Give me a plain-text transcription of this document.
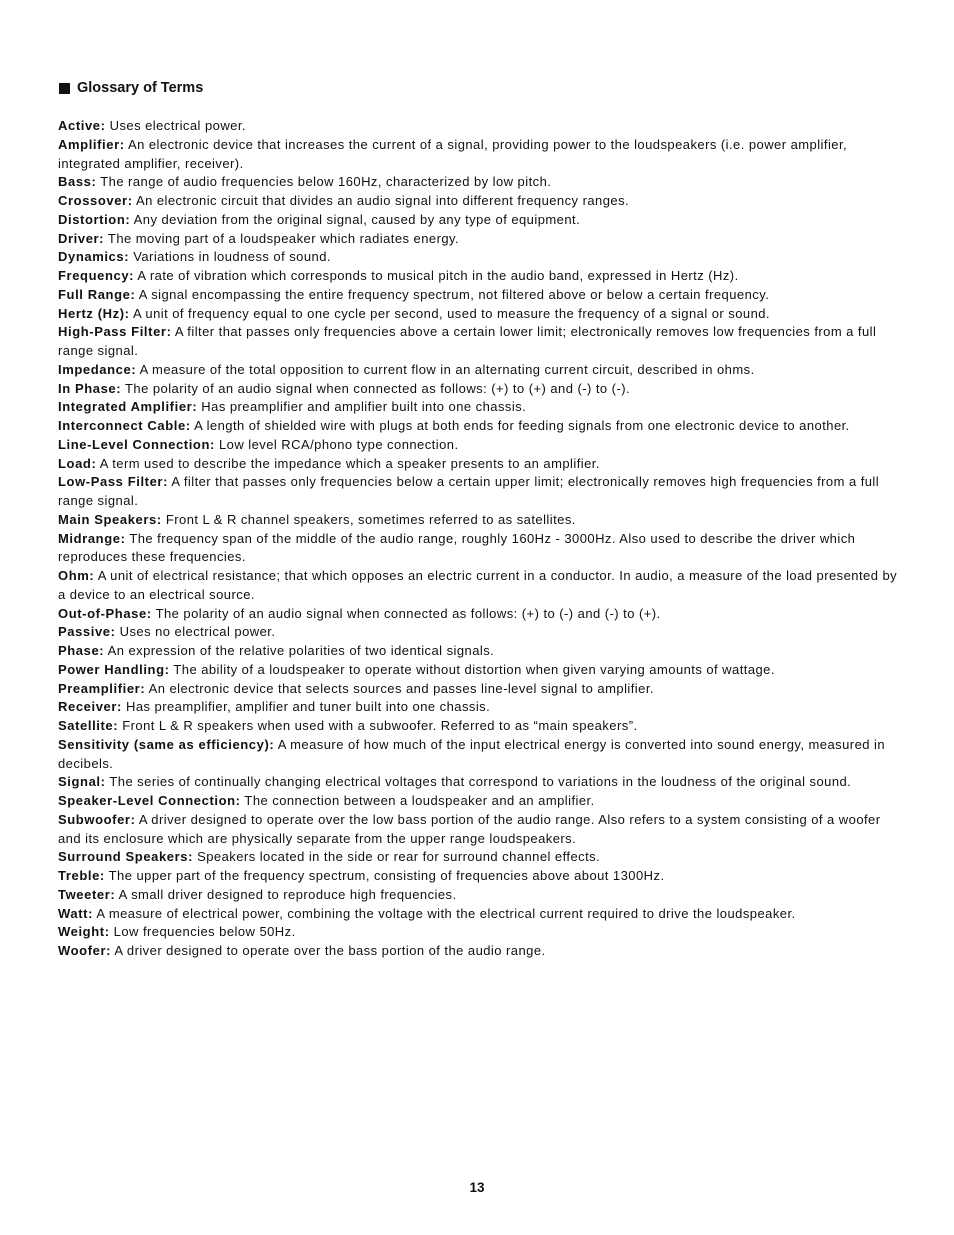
Glossary of Terms

Active: Uses electrical power.

Amplifier: An electronic device that increases the current of a signal, providing power to the loudspeakers (i.e. power amplifier, integrated amplifier, receiver).

Bass: The range of audio frequencies below 160Hz, characterized by low pitch.

Crossover: An electronic circuit that divides an audio signal into different frequency ranges.

Distortion: Any deviation from the original signal, caused by any type of equipment.

Driver: The moving part of a loudspeaker which radiates energy.

Dynamics: Variations in loudness of sound.

Frequency: A rate of vibration which corresponds to musical pitch in the audio band, expressed in Hertz (Hz).

Full Range: A signal encompassing the entire frequency spectrum, not filtered above or below a certain frequency.

Hertz (Hz): A unit of frequency equal to one cycle per second, used to measure the frequency of a signal or sound.

High-Pass Filter: A filter that passes only frequencies above a certain lower limit; electronically removes low frequencies from a full range signal.

Impedance: A measure of the total opposition to current flow in an alternating current circuit, described in ohms.

In Phase: The polarity of an audio signal when connected as follows: (+) to (+) and (-) to (-).

Integrated Amplifier: Has preamplifier and amplifier built into one chassis.

Interconnect Cable: A length of shielded wire with plugs at both ends for feeding signals from one electronic device to another.

Line-Level Connection: Low level RCA/phono type connection.

Load: A term used to describe the impedance which a speaker presents to an amplifier.

Low-Pass Filter: A filter that passes only frequencies below a certain upper limit; electronically removes high frequencies from a full range signal.

Main Speakers: Front L & R channel speakers, sometimes referred to as satellites.

Midrange: The frequency span of the middle of the audio range, roughly 160Hz - 3000Hz. Also used to describe the driver which reproduces these frequencies.

Ohm: A unit of electrical resistance; that which opposes an electric current in a conductor. In audio, a measure of the load presented by a device to an electrical source.

Out-of-Phase: The polarity of an audio signal when connected as follows: (+) to (-) and (-) to (+).

Passive: Uses no electrical power.

Phase: An expression of the relative polarities of two identical signals.

Power Handling: The ability of a loudspeaker to operate without distortion when given varying amounts of wattage.

Preamplifier: An electronic device that selects sources and passes line-level signal to amplifier.

Receiver: Has preamplifier, amplifier and tuner built into one chassis.

Satellite: Front L & R speakers when used with a subwoofer. Referred to as “main speakers”.

Sensitivity (same as efficiency): A measure of how much of the input electrical energy is converted into sound energy, measured in decibels.

Signal: The series of continually changing electrical voltages that correspond to variations in the loudness of the original sound.

Speaker-Level Connection: The connection between a loudspeaker and an amplifier.

Subwoofer: A driver designed to operate over the low bass portion of the audio range. Also refers to a system consisting of a woofer and its enclosure which are physically separate from the upper range loudspeakers.

Surround Speakers: Speakers located in the side or rear for surround channel effects.

Treble: The upper part of the frequency spectrum, consisting of frequencies above about 1300Hz.

Tweeter: A small driver designed to reproduce high frequencies.

Watt: A measure of electrical power, combining the voltage with the electrical current required to drive the loudspeaker.

Weight: Low frequencies below 50Hz.

Woofer: A driver designed to operate over the bass portion of the audio range.

13
